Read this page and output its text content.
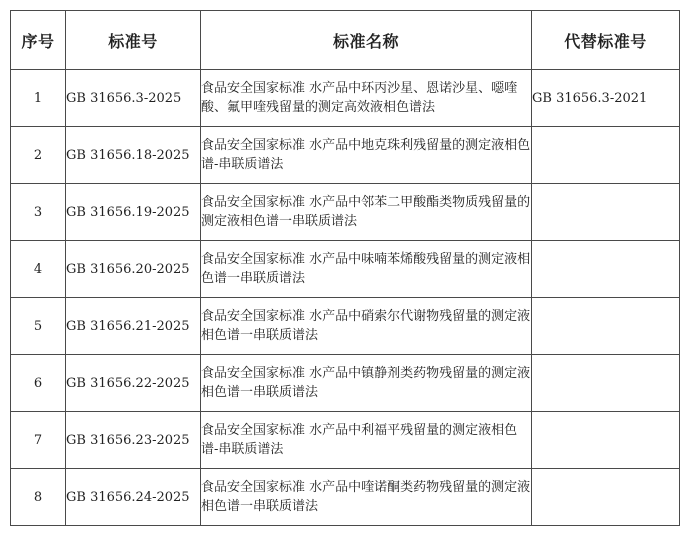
序号	标准号	标准名称	代替标准号
1	GB 31656.3-2025	食品安全国家标准 水产品中环丙沙星、恩诺沙星、噁喹酸、氟甲喹残留量的测定高效液相色谱法	GB 31656.3-2021
2	GB 31656.18-2025	食品安全国家标准 水产品中地克珠利残留量的测定液相色谱-串联质谱法	
3	GB 31656.19-2025	食品安全国家标准 水产品中邻苯二甲酸酯类物质残留量的测定液相色谱一串联质谱法	
4	GB 31656.20-2025	食品安全国家标准 水产品中味喃苯烯酸残留量的测定液相色谱一串联质谱法	
5	GB 31656.21-2025	食品安全国家标准 水产品中硝索尔代谢物残留量的测定液相色谱一串联质谱法	
6	GB 31656.22-2025	食品安全国家标准 水产品中镇静剂类药物残留量的测定液相色谱一串联质谱法	
7	GB 31656.23-2025	食品安全国家标准 水产品中利福平残留量的测定液相色谱-串联质谱法	
8	GB 31656.24-2025	食品安全国家标准 水产品中喹诺酮类药物残留量的测定液相色谱一串联质谱法	
